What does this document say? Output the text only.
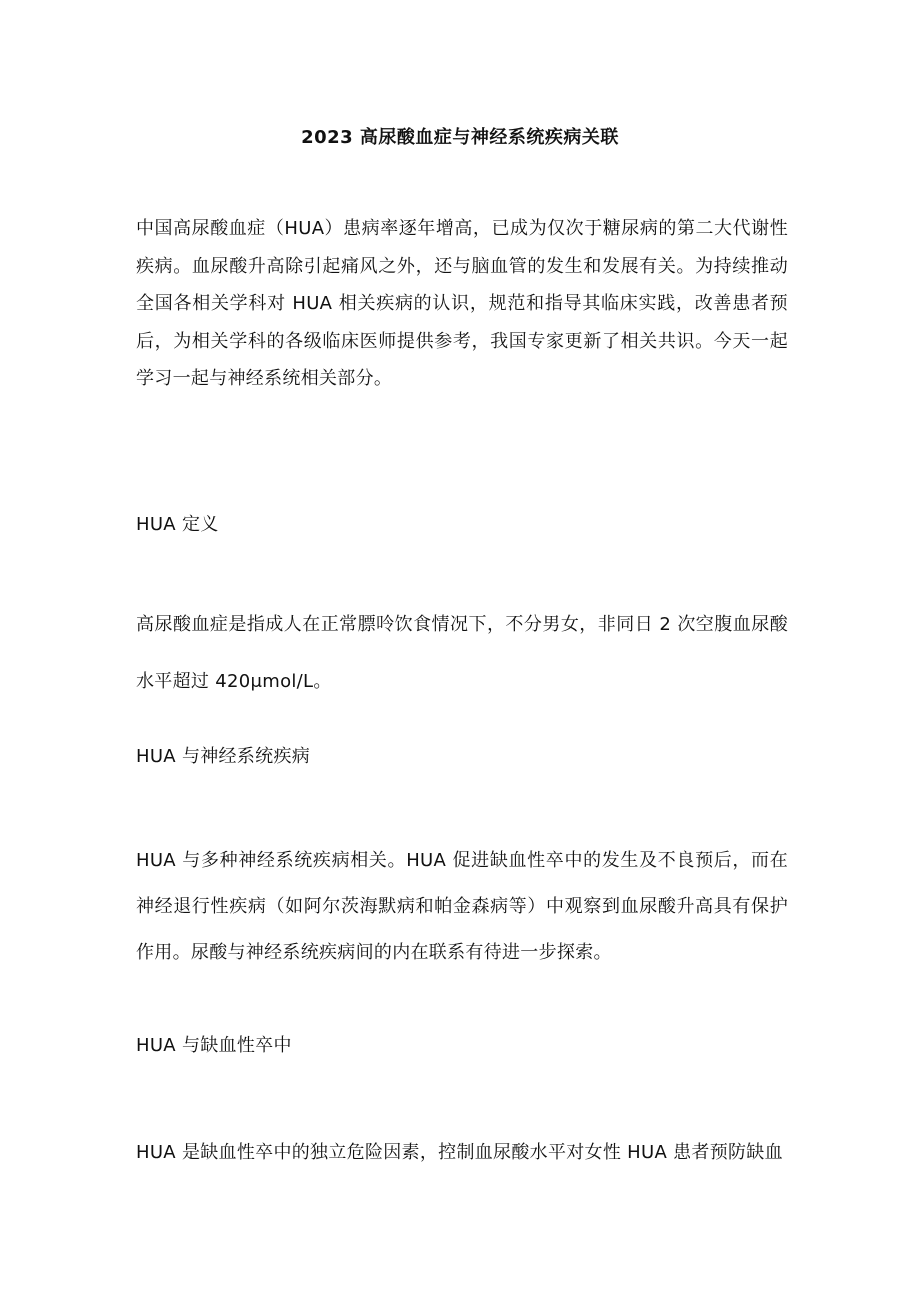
2023 高尿酸血症与神经系统疾病关联
中国高尿酸血症（HUA）患病率逐年增高，已成为仅次于糖尿病的第二大代谢性疾病。血尿酸升高除引起痛风之外，还与脑血管的发生和发展有关。为持续推动全国各相关学科对 HUA 相关疾病的认识，规范和指导其临床实践，改善患者预后，为相关学科的各级临床医师提供参考，我国专家更新了相关共识。今天一起学习一起与神经系统相关部分。
HUA 定义
高尿酸血症是指成人在正常膘呤饮食情况下，不分男女，非同日 2 次空腹血尿酸水平超过 420μmol/L。
HUA 与神经系统疾病
HUA 与多种神经系统疾病相关。HUA 促进缺血性卒中的发生及不良预后，而在神经退行性疾病（如阿尔茨海默病和帕金森病等）中观察到血尿酸升高具有保护作用。尿酸与神经系统疾病间的内在联系有待进一步探索。
HUA 与缺血性卒中
HUA 是缺血性卒中的独立危险因素，控制血尿酸水平对女性 HUA 患者预防缺血
